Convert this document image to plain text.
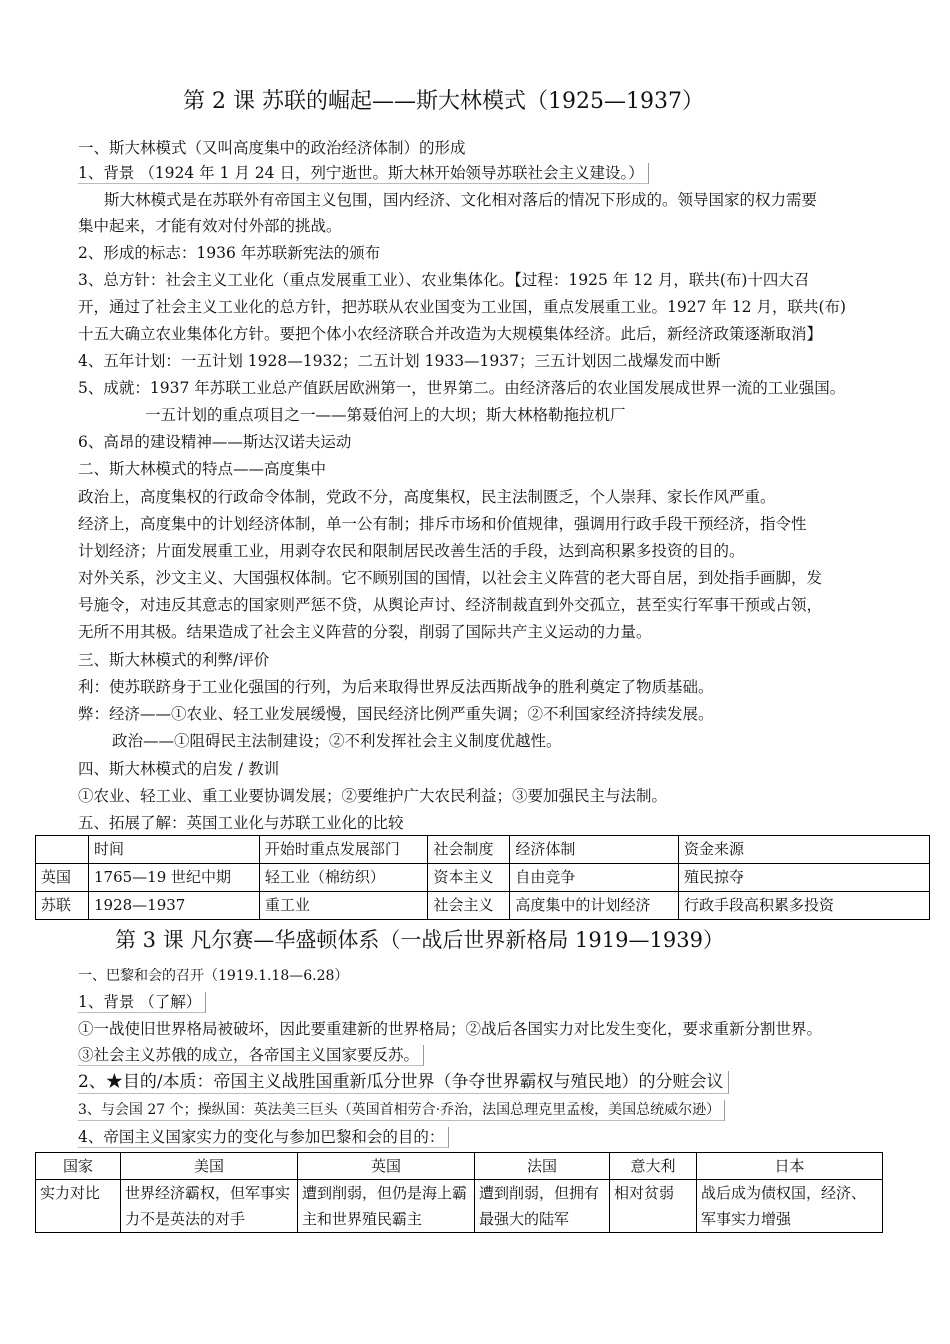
第 2 课 苏联的崛起——斯大林模式（1925—1937）
一、斯大林模式（又叫高度集中的政治经济体制）的形成
1、背景 （1924 年 1 月 24 日，列宁逝世。斯大林开始领导苏联社会主义建设。）
斯大林模式是在苏联外有帝国主义包围，国内经济、文化相对落后的情况下形成的。领导国家的权力需要
集中起来，才能有效对付外部的挑战。
2、形成的标志：1936 年苏联新宪法的颁布
3、总方针：社会主义工业化（重点发展重工业）、农业集体化。【过程：1925 年 12 月，联共(布)十四大召
开，通过了社会主义工业化的总方针，把苏联从农业国变为工业国，重点发展重工业。1927 年 12 月，联共(布)
十五大确立农业集体化方针。要把个体小农经济联合并改造为大规模集体经济。此后，新经济政策逐渐取消】
4、五年计划：一五计划 1928—1932；二五计划 1933—1937；三五计划因二战爆发而中断
5、成就：1937 年苏联工业总产值跃居欧洲第一，世界第二。由经济落后的农业国发展成世界一流的工业强国。
一五计划的重点项目之一——第聂伯河上的大坝；斯大林格勒拖拉机厂
6、高昂的建设精神——斯达汉诺夫运动
二、斯大林模式的特点——高度集中
政治上，高度集权的行政命令体制，党政不分，高度集权，民主法制匮乏，个人崇拜、家长作风严重。
经济上，高度集中的计划经济体制，单一公有制；排斥市场和价值规律，强调用行政手段干预经济，指令性
计划经济；片面发展重工业，用剥夺农民和限制居民改善生活的手段，达到高积累多投资的目的。
对外关系，沙文主义、大国强权体制。它不顾别国的国情，以社会主义阵营的老大哥自居，到处指手画脚，发
号施令，对违反其意志的国家则严惩不贷，从舆论声讨、经济制裁直到外交孤立，甚至实行军事干预或占领，
无所不用其极。结果造成了社会主义阵营的分裂，削弱了国际共产主义运动的力量。
三、斯大林模式的利弊/评价
利：使苏联跻身于工业化强国的行列，为后来取得世界反法西斯战争的胜利奠定了物质基础。
弊：经济——①农业、轻工业发展缓慢，国民经济比例严重失调；②不利国家经济持续发展。
政治——①阻碍民主法制建设；②不利发挥社会主义制度优越性。
四、斯大林模式的启发 / 教训
①农业、轻工业、重工业要协调发展；②要维护广大农民利益；③要加强民主与法制。
五、拓展了解：英国工业化与苏联工业化的比较
	时间	开始时重点发展部门	社会制度	经济体制	资金来源
英国	1765—19 世纪中期	轻工业（棉纺织）	资本主义	自由竞争	殖民掠夺
苏联	1928—1937	重工业	社会主义	高度集中的计划经济	行政手段高积累多投资
第 3 课 凡尔赛—华盛顿体系（一战后世界新格局 1919—1939）
一、巴黎和会的召开（1919.1.18—6.28）
1、背景 （了解）
①一战使旧世界格局被破坏，因此要重建新的世界格局；②战后各国实力对比发生变化，要求重新分割世界。
③社会主义苏俄的成立，各帝国主义国家要反苏。
2、★目的/本质：帝国主义战胜国重新瓜分世界（争夺世界霸权与殖民地）的分赃会议
3、与会国 27 个；操纵国：英法美三巨头（英国首相劳合·乔治，法国总理克里孟梭，美国总统威尔逊）
4、帝国主义国家实力的变化与参加巴黎和会的目的：
国家	美国	英国	法国	意大利	日本
实力对比	世界经济霸权，但军事实力不是英法的对手	遭到削弱，但仍是海上霸主和世界殖民霸主	遭到削弱，但拥有最强大的陆军	相对贫弱	战后成为债权国，经济、军事实力增强
